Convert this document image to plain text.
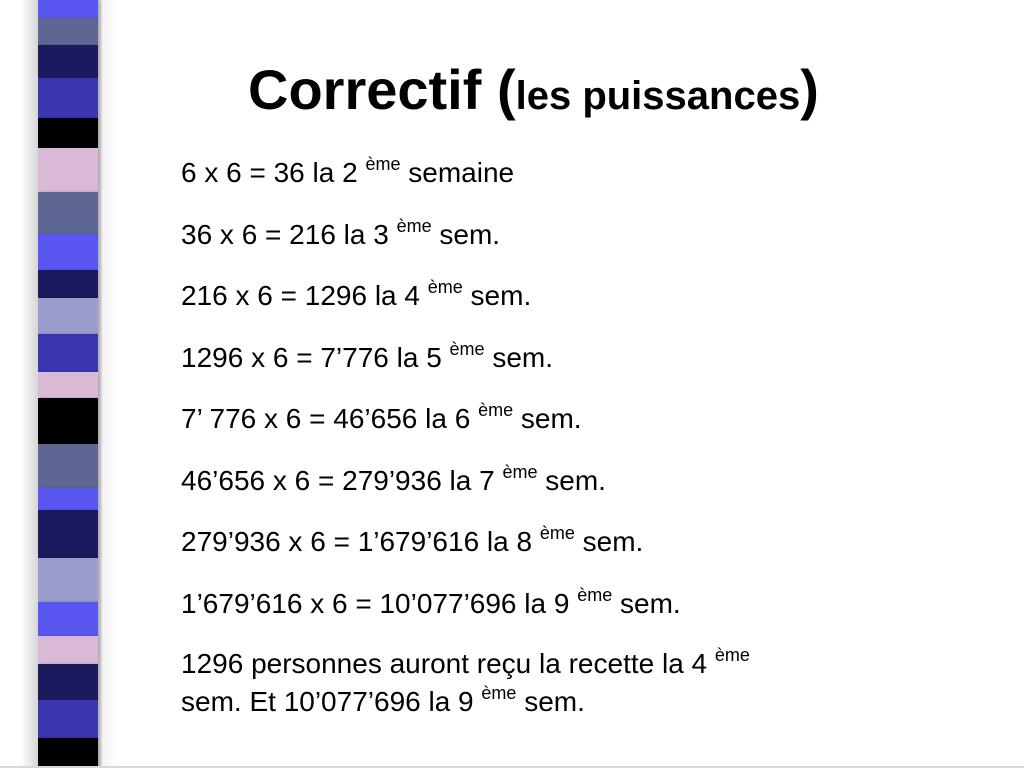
Correctif (les puissances)
6 x 6 = 36 la 2 $^{ème}$ semaine
36 x 6 = 216 la 3 $^{ème}$ sem.
216 x 6 = 1296 la 4 $^{ème}$ sem.
1296 x 6 = 7’776 la 5 $^{ème}$ sem.
7’ 776 x 6 = 46’656 la 6 $^{ème}$ sem.
46’656 x 6 = 279’936 la 7 $^{ème}$ sem.
279’936 x 6 = 1’679’616 la 8 $^{ème}$ sem.
1’679’616 x 6 = 10’077’696 la 9 $^{ème}$ sem.
1296 personnes auront reçu la recette la 4 $^{ème}$
sem. Et 10’077’696 la 9 $^{ème}$ sem.
